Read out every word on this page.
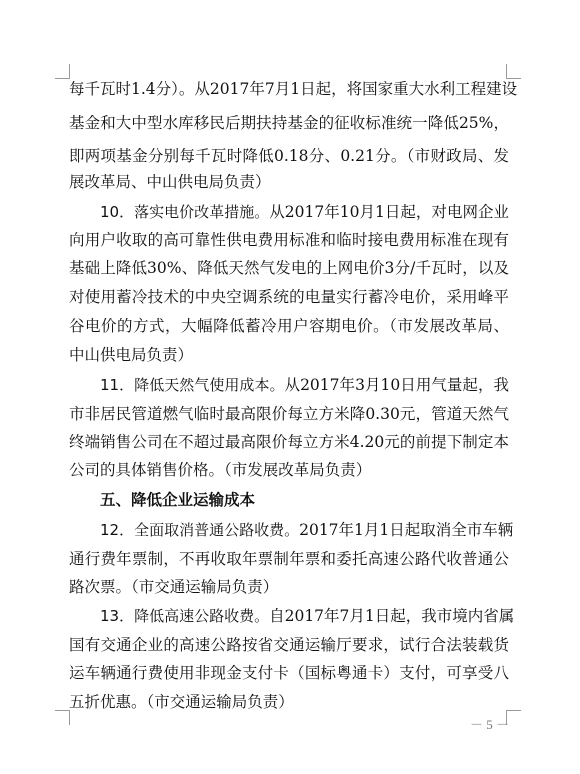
每千瓦时1.4分）。从2017年7月1日起，将国家重大水利工程建设
基金和大中型水库移民后期扶持基金的征收标准统一降低25%，
即两项基金分别每千瓦时降低0.18分、0.21分。（市财政局、发
展改革局、中山供电局负责）
10．落实电价改革措施。从2017年10月1日起，对电网企业
向用户收取的高可靠性供电费用标准和临时接电费用标准在现有
基础上降低30%、降低天然气发电的上网电价3分/千瓦时，以及
对使用蓄冷技术的中央空调系统的电量实行蓄冷电价，采用峰平
谷电价的方式，大幅降低蓄冷用户容期电价。（市发展改革局、
中山供电局负责）
11．降低天然气使用成本。从2017年3月10日用气量起，我
市非居民管道燃气临时最高限价每立方米降0.30元，管道天然气
终端销售公司在不超过最高限价每立方米4.20元的前提下制定本
公司的具体销售价格。（市发展改革局负责）
五、降低企业运输成本
12．全面取消普通公路收费。2017年1月1日起取消全市车辆
通行费年票制，不再收取年票制年票和委托高速公路代收普通公
路次票。（市交通运输局负责）
13．降低高速公路收费。自2017年7月1日起，我市境内省属
国有交通企业的高速公路按省交通运输厅要求，试行合法装载货
运车辆通行费使用非现金支付卡（国标粤通卡）支付，可享受八
五折优惠。（市交通运输局负责）
－ 5 －
